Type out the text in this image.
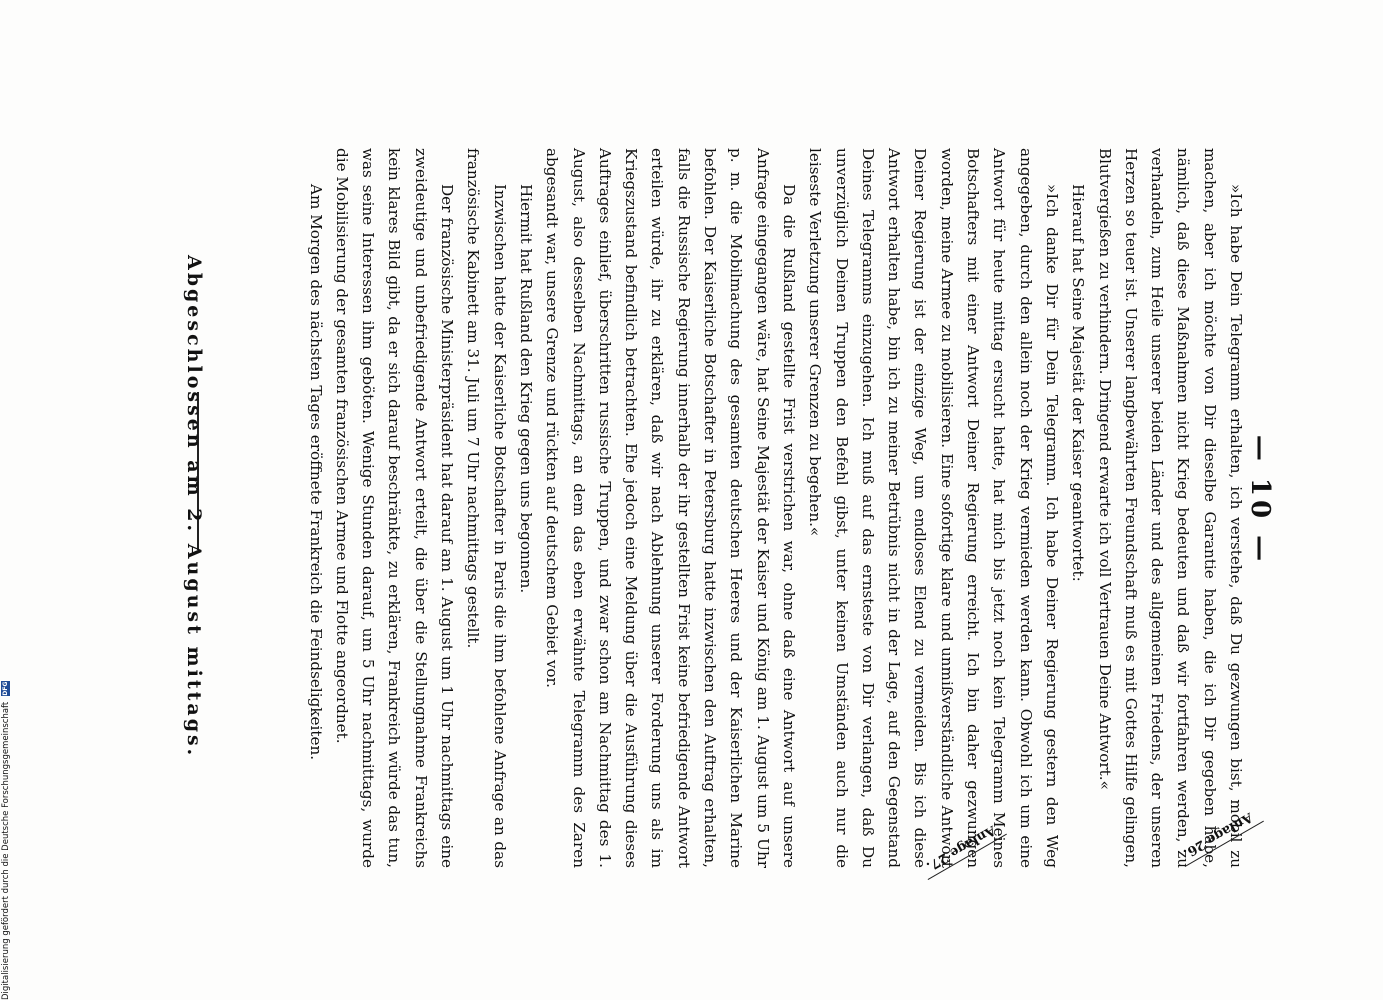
— 10 —

»Ich habe Dein Telegramm erhalten, ich verstehe, daß Du gezwungen bist, mobil zu machen, aber ich möchte von Dir dieselbe Garantie haben, die ich Dir gegeben habe, nämlich, daß diese Maßnahmen nicht Krieg bedeuten und daß wir fortfahren werden, zu verhandeln, zum Heile unserer beiden Länder und des allgemeinen Friedens, der unseren Herzen so teuer ist. Unserer langbewährten Freundschaft muß es mit Gottes Hilfe gelingen, Blutvergießen zu verhindern. Dringend erwarte ich voll Vertrauen Deine Antwort.«

Hierauf hat Seine Majestät der Kaiser geantwortet:

»Ich danke Dir für Dein Telegramm. Ich habe Deiner Regierung gestern den Weg angegeben, durch den allein noch der Krieg vermieden werden kann. Obwohl ich um eine Antwort für heute mittag ersucht hatte, hat mich bis jetzt noch kein Telegramm Meines Botschafters mit einer Antwort Deiner Regierung erreicht. Ich bin daher gezwungen worden, meine Armee zu mobilisieren. Eine sofortige klare und unmißverständliche Antwort Deiner Regierung ist der einzige Weg, um endloses Elend zu vermeiden. Bis ich diese Antwort erhalten habe, bin ich zu meiner Betrübnis nicht in der Lage, auf den Gegenstand Deines Telegramms einzugehen. Ich muß auf das ernsteste von Dir verlangen, daß Du unverzüglich Deinen Truppen den Befehl gibst, unter keinen Umständen auch nur die leiseste Verletzung unserer Grenzen zu begehen.«

Da die Rußland gestellte Frist verstrichen war, ohne daß eine Antwort auf unsere Anfrage eingegangen wäre, hat Seine Majestät der Kaiser und König am 1. August um 5 Uhr p. m. die Mobilmachung des gesamten deutschen Heeres und der Kaiserlichen Marine befohlen. Der Kaiserliche Botschafter in Petersburg hatte inzwischen den Auftrag erhalten, falls die Russische Regierung innerhalb der ihr gestellten Frist keine befriedigende Antwort erteilen würde, ihr zu erklären, daß wir nach Ablehnung unserer Forderung uns als im Kriegszustand befindlich betrachten. Ehe jedoch eine Meldung über die Ausführung dieses Auftrages einlief, überschritten russische Truppen, und zwar schon am Nachmittag des 1. August, also desselben Nachmittags, an dem das eben erwähnte Telegramm des Zaren abgesandt war, unsere Grenze und rückten auf deutschem Gebiet vor.

Hiermit hat Rußland den Krieg gegen uns begonnen.

Inzwischen hatte der Kaiserliche Botschafter in Paris die ihm befohlene Anfrage an das französische Kabinett am 31. Juli um 7 Uhr nachmittags gestellt.

Der französische Ministerpräsident hat darauf am 1. August um 1 Uhr nachmittags eine zweideutige und unbefriedigende Antwort erteilt, die über die Stellungnahme Frankreichs kein klares Bild gibt, da er sich darauf beschränkte, zu erklären, Frankreich würde das tun, was seine Interessen ihm geböten. Wenige Stunden darauf, um 5 Uhr nachmittags, wurde die Mobilisierung der gesamten französischen Armee und Flotte angeordnet.

Am Morgen des nächsten Tages eröffnete Frankreich die Feindseligkeiten.

Anlage 26.
Anlage 27.
Abgeschlossen am 2. August mittags.
Digitalisierung gefördert durch die Deutsche Forschungsgemeinschaft DFG
